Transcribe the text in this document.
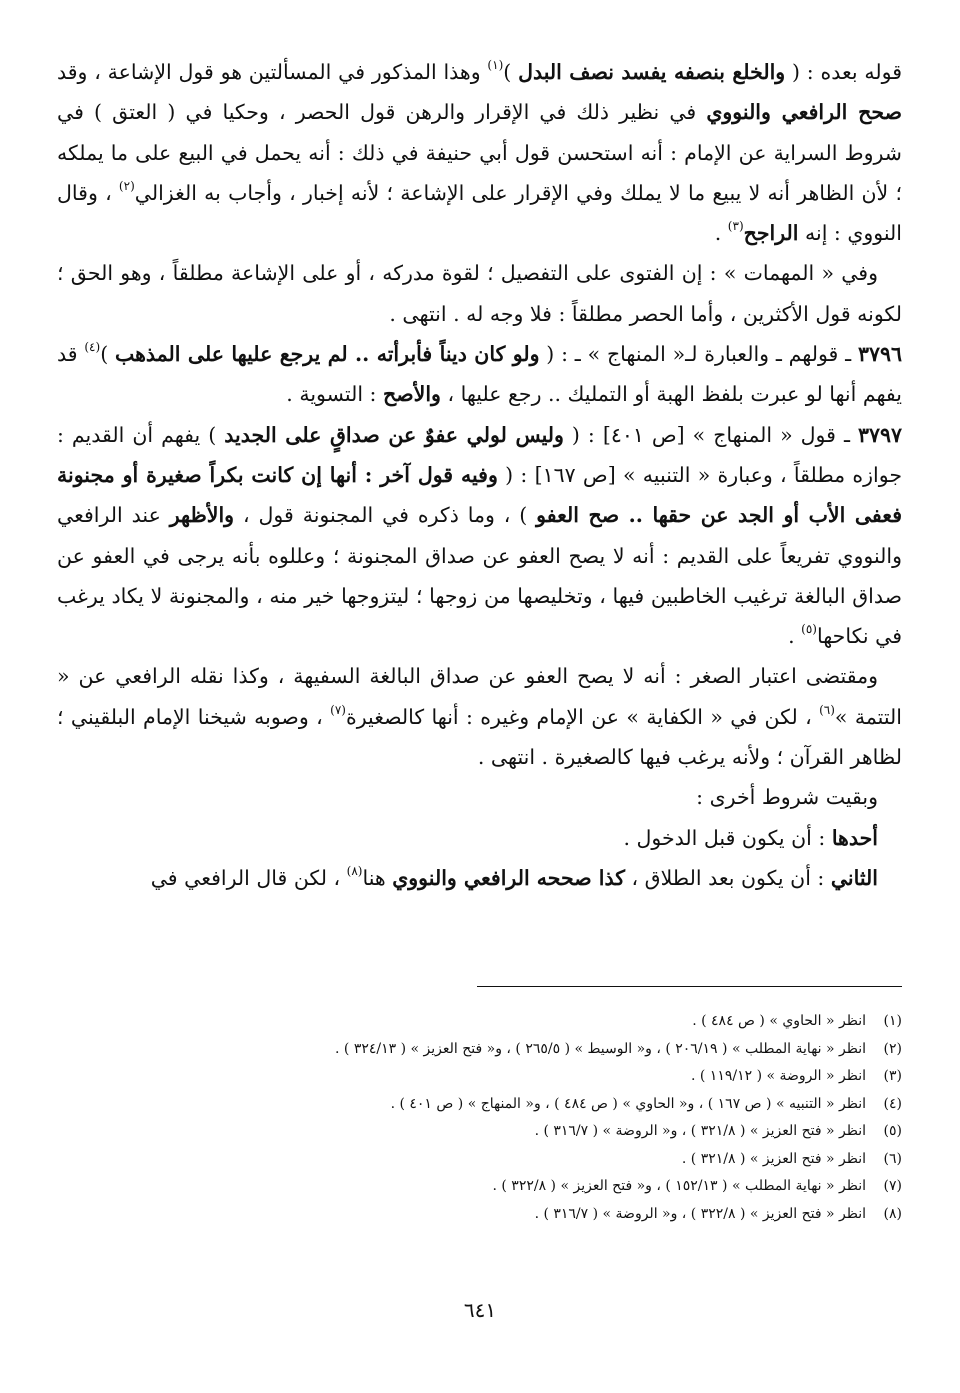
قوله بعده : ( والخلع بنصفه يفسد نصف البدل )$^{(١)}$ وهذا المذكور في المسألتين هو قول الإشاعة ، وقد صحح الرافعي والنووي في نظير ذلك في الإقرار والرهن قول الحصر ، وحكيا في ( العتق ) في شروط السراية عن الإمام : أنه استحسن قول أبي حنيفة في ذلك : أنه يحمل في البيع على ما يملكه ؛ لأن الظاهر أنه لا يبيع ما لا يملك وفي الإقرار على الإشاعة ؛ لأنه إخبار ، وأجاب به الغزالي$^{(٢)}$ ، وقال النووي : إنه الراجح$^{(٣)}$ .

وفي « المهمات » : إن الفتوى على التفصيل ؛ لقوة مدركه ، أو على الإشاعة مطلقاً ، وهو الحق ؛ لكونه قول الأكثرين ، وأما الحصر مطلقاً : فلا وجه له . انتهى .

٣٧٩٦ ـ قولهم ـ والعبارة لـ« المنهاج » ـ : ( ولو كان ديناً فأبرأته .. لم يرجع عليها على المذهب )$^{(٤)}$ قد يفهم أنها لو عبرت بلفظ الهبة أو التمليك .. رجع عليها ، والأصح : التسوية .

٣٧٩٧ ـ قول « المنهاج » [ص ٤٠١] : ( وليس لولي عفوٌ عن صداقٍ على الجديد ) يفهم أن القديم : جوازه مطلقاً ، وعبارة « التنبيه » [ص ١٦٧] : ( وفيه قول آخر : أنها إن كانت بكراً صغيرة أو مجنونة فعفى الأب أو الجد عن حقها .. صح العفو ) ، وما ذكره في المجنونة قول ، والأظهر عند الرافعي والنووي تفريعاً على القديم : أنه لا يصح العفو عن صداق المجنونة ؛ وعللوه بأنه يرجى في العفو عن صداق البالغة ترغيب الخاطبين فيها ، وتخليصها من زوجها ؛ ليتزوجها خير منه ، والمجنونة لا يكاد يرغب في نكاحها$^{(٥)}$ .

ومقتضى اعتبار الصغر : أنه لا يصح العفو عن صداق البالغة السفيهة ، وكذا نقله الرافعي عن « التتمة »$^{(٦)}$ ، لكن في « الكفاية » عن الإمام وغيره : أنها كالصغيرة$^{(٧)}$ ، وصوبه شيخنا الإمام البلقيني ؛ لظاهر القرآن ؛ ولأنه يرغب فيها كالصغيرة . انتهى .

وبقيت شروط أخرى :

أحدها : أن يكون قبل الدخول .

الثاني : أن يكون بعد الطلاق ، كذا صححه الرافعي والنووي هنا$^{(٨)}$ ، لكن قال الرافعي في

(١)انظر « الحاوي » ( ص ٤٨٤ ) .
(٢)انظر « نهاية المطلب » ( ٢٠٦/١٩ ) ، و« الوسيط » ( ٢٦٥/٥ ) ، و« فتح العزيز » ( ٣٢٤/١٣ ) .
(٣)انظر « الروضة » ( ١١٩/١٢ ) .
(٤)انظر « التنبيه » ( ص ١٦٧ ) ، و« الحاوي » ( ص ٤٨٤ ) ، و« المنهاج » ( ص ٤٠١ ) .
(٥)انظر « فتح العزيز » ( ٣٢١/٨ ) ، و« الروضة » ( ٣١٦/٧ ) .
(٦)انظر « فتح العزيز » ( ٣٢١/٨ ) .
(٧)انظر « نهاية المطلب » ( ١٥٢/١٣ ) ، و« فتح العزيز » ( ٣٢٢/٨ ) .
(٨)انظر « فتح العزيز » ( ٣٢٢/٨ ) ، و« الروضة » ( ٣١٦/٧ ) .
٦٤١
